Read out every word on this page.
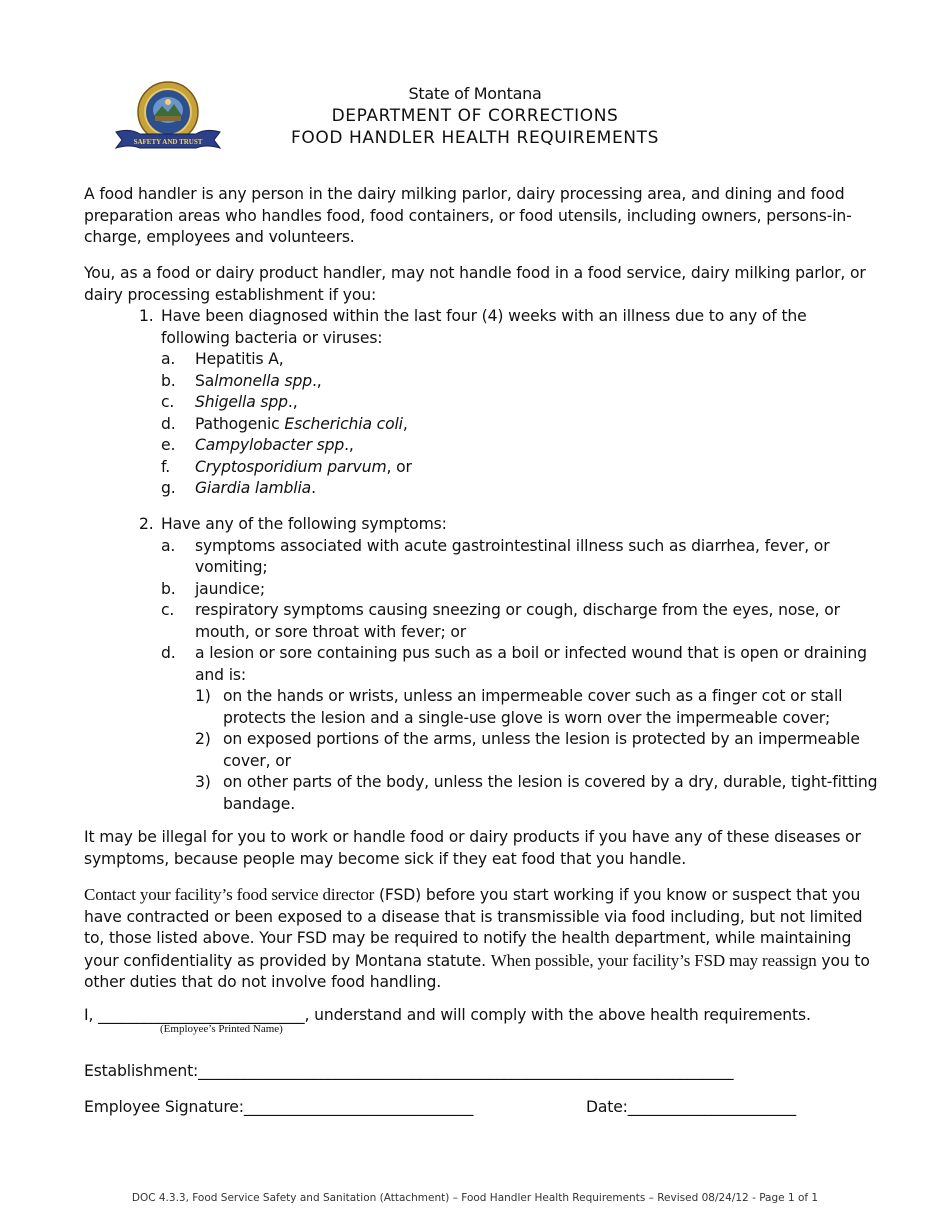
SAFETY AND TRUST
State of Montana
DEPARTMENT OF CORRECTIONS
FOOD HANDLER HEALTH REQUIREMENTS

A food handler is any person in the dairy milking parlor, dairy processing area, and dining and food preparation areas who handles food, food containers, or food utensils, including owners, persons-in-charge, employees and volunteers.

You, as a food or dairy product handler, may not handle food in a food service, dairy milking parlor, or dairy processing establishment if you:

1. Have been diagnosed within the last four (4) weeks with an illness due to any of the following bacteria or viruses:
a.	Hepatitis A,
b.	Salmonella spp.,
c.	Shigella spp.,
d.	Pathogenic Escherichia coli,
e.	Campylobacter spp.,
f.	Cryptosporidium parvum, or
g.	Giardia lamblia.
2. Have any of the following symptoms:
a.	symptoms associated with acute gastrointestinal illness such as diarrhea, fever, or vomiting;
b.	jaundice;
c.	respiratory symptoms causing sneezing or cough, discharge from the eyes, nose, or mouth, or sore throat with fever; or
d.	a lesion or sore containing pus such as a boil or infected wound that is open or draining and is:
1) on the hands or wrists, unless an impermeable cover such as a finger cot or stall protects the lesion and a single-use glove is worn over the impermeable cover;
2) on exposed portions of the arms, unless the lesion is protected by an impermeable cover, or
3) on other parts of the body, unless the lesion is covered by a dry, durable, tight-fitting bandage.

It may be illegal for you to work or handle food or dairy products if you have any of these diseases or symptoms, because people may become sick if they eat food that you handle.

Contact your facility’s food service director (FSD) before you start working if you know or suspect that you have contracted or been exposed to a disease that is transmissible via food including, but not limited to, those listed above. Your FSD may be required to notify the health department, while maintaining your confidentiality as provided by Montana statute. When possible, your facility’s FSD may reassign you to other duties that do not involve food handling.

I, ___________________________, understand and will comply with the above health requirements.
(Employee’s Printed Name)
Establishment:______________________________________________________________________
Employee Signature:______________________________	Date:______________________
DOC 4.3.3, Food Service Safety and Sanitation (Attachment) – Food Handler Health Requirements – Revised 08/24/12 - Page 1 of 1
